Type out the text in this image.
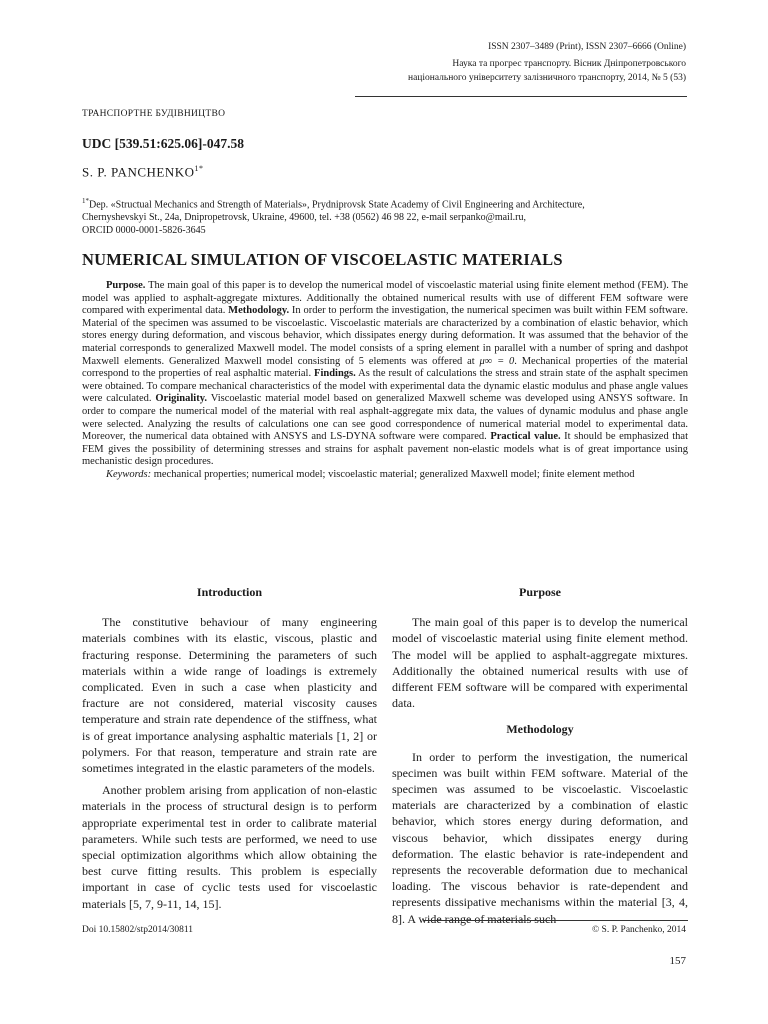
ISSN 2307–3489 (Print), ІSSN 2307–6666 (Online)
Наука та прогрес транспорту. Вісник Дніпропетровського
національного університету залізничного транспорту, 2014, № 5 (53)
ТРАНСПОРТНЕ БУДІВНИЦТВО
UDC [539.51:625.06]-047.58
S. P. $PANCHENKO^{1*}$
$^{1*}$Dep. «Structual Mechanics and Strength of Materials», Prydniprovsk State Academy of Civil Engineering and Architecture,
Chernyshevskyi St., 24a, Dnipropetrovsk, Ukraine, 49600, tel. +38 (0562) 46 98 22, e-mail serpanko@mail.ru,
ORCID 0000-0001-5826-3645
NUMERICAL SIMULATION OF VISCOELASTIC MATERIALS

Purpose. The main goal of this paper is to develop the numerical model of viscoelastic material using finite element method (FEM). The model was applied to asphalt-aggregate mixtures. Additionally the obtained numerical results with use of different FEM software were compared with experimental data. Methodology. In order to perform the investigation, the numerical specimen was built within FEM software. Material of the specimen was assumed to be viscoelastic. Viscoelastic materials are characterized by a combination of elastic behavior, which stores energy during deformation, and viscous behavior, which dissipates energy during deformation. It was assumed that the behavior of the material corresponds to generalized Maxwell model. The model consists of a spring element in parallel with a number of spring and dashpot Maxwell elements. Generalized Maxwell model consisting of 5 elements was offered at μ∞ = 0. Mechanical properties of the material correspond to the properties of real asphaltic material. Findings. As the result of calculations the stress and strain state of the asphalt specimen were obtained. To compare mechanical characteristics of the model with experimental data the dynamic elastic modulus and phase angle values were calculated. Originality. Viscoelastic material model based on generalized Maxwell scheme was developed using ANSYS software. In order to compare the numerical model of the material with real asphalt-aggregate mix data, the values of dynamic modulus and phase angle were selected. Analyzing the results of calculations one can see good correspondence of numerical material model to experimental data. Moreover, the numerical data obtained with ANSYS and LS-DYNA software were compared. Practical value. It should be emphasized that FEM gives the possibility of determining stresses and strains for asphalt pavement non-elastic models what is of great importance using mechanistic design procedures.

Keywords: mechanical properties; numerical model; viscoelastic material; generalized Maxwell model; finite element method

Introduction

The constitutive behaviour of many engineering materials combines with its elastic, viscous, plastic and fracturing response. Determining the parameters of such materials within a wide range of loadings is extremely complicated. Even in such a case when plasticity and fracture are not considered, material viscosity causes temperature and strain rate dependence of the stiffness, what is of great importance analysing asphaltic materials [1, 2] or polymers. For that reason, temperature and strain rate are sometimes integrated in the elastic parameters of the models.

Another problem arising from application of non-elastic materials in the process of structural design is to perform appropriate experimental test in order to calibrate material parameters. While such tests are performed, we need to use special optimization algorithms which allow obtaining the best curve fitting results. This problem is especially important in case of cyclic tests used for viscoelastic materials [5, 7, 9-11, 14, 15].

Purpose

The main goal of this paper is to develop the numerical model of viscoelastic material using finite element method. The model will be applied to asphalt-aggregate mixtures. Additionally the obtained numerical results with use of different FEM software will be compared with experimental data.

Methodology

In order to perform the investigation, the numerical specimen was built within FEM software. Material of the specimen was assumed to be viscoelastic. Viscoelastic materials are characterized by a combination of elastic behavior, which stores energy during deformation, and viscous behavior, which dissipates energy during deformation. The elastic behavior is rate-independent and represents the recoverable deformation due to mechanical loading. The viscous behavior is rate-dependent and represents dissipative mechanisms within the material [3, 4, 8]. A wide range of materials such

Doi 10.15802/stp2014/30811	© S. P. Panchenko, 2014
157
